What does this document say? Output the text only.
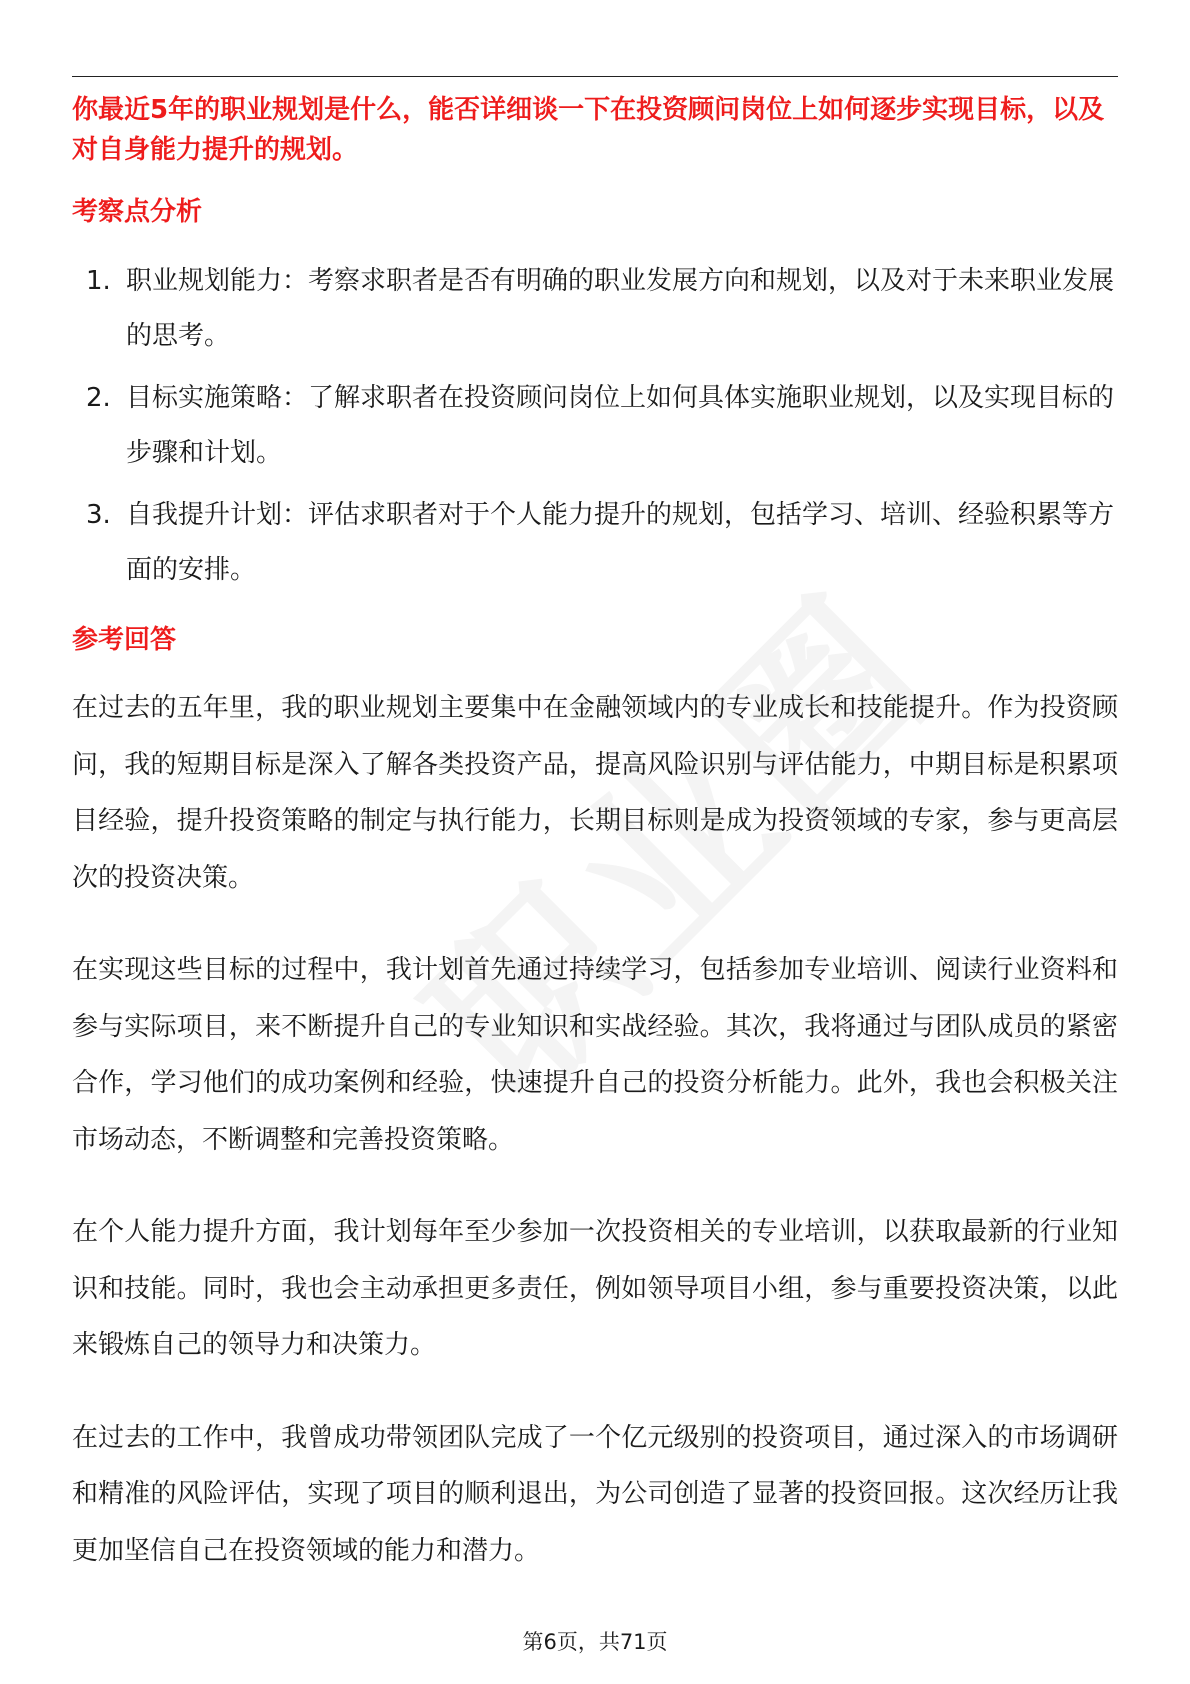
你最近5年的职业规划是什么，能否详细谈一下在投资顾问岗位上如何逐步实现目标，以及对自身能力提升的规划。

考察点分析
1. 职业规划能力：考察求职者是否有明确的职业发展方向和规划，以及对于未来职业发展的思考。
2. 目标实施策略：了解求职者在投资顾问岗位上如何具体实施职业规划，以及实现目标的步骤和计划。
3. 自我提升计划：评估求职者对于个人能力提升的规划，包括学习、培训、经验积累等方面的安排。
参考回答

在过去的五年里，我的职业规划主要集中在金融领域内的专业成长和技能提升。作为投资顾问，我的短期目标是深入了解各类投资产品，提高风险识别与评估能力，中期目标是积累项目经验，提升投资策略的制定与执行能力，长期目标则是成为投资领域的专家，参与更高层次的投资决策。

在实现这些目标的过程中，我计划首先通过持续学习，包括参加专业培训、阅读行业资料和参与实际项目，来不断提升自己的专业知识和实战经验。其次，我将通过与团队成员的紧密合作，学习他们的成功案例和经验，快速提升自己的投资分析能力。此外，我也会积极关注市场动态，不断调整和完善投资策略。

在个人能力提升方面，我计划每年至少参加一次投资相关的专业培训，以获取最新的行业知识和技能。同时，我也会主动承担更多责任，例如领导项目小组，参与重要投资决策，以此来锻炼自己的领导力和决策力。

在过去的工作中，我曾成功带领团队完成了一个亿元级别的投资项目，通过深入的市场调研和精准的风险评估，实现了项目的顺利退出，为公司创造了显著的投资回报。这次经历让我更加坚信自己在投资领域的能力和潜力。

第6页，共71页
